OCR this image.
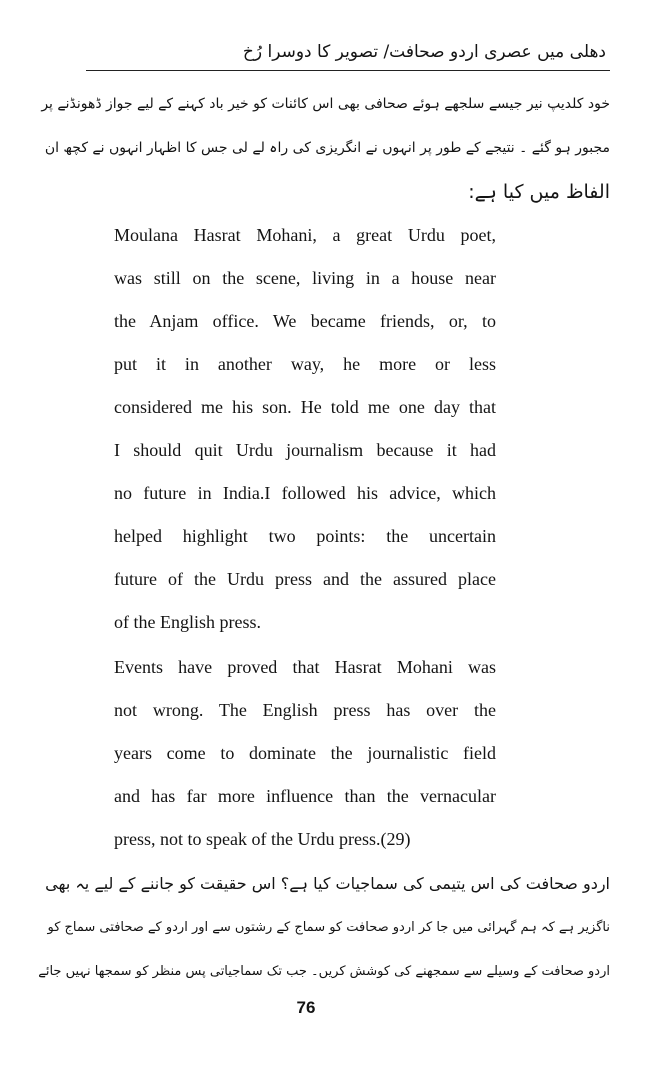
دھلی میں عصری اردو صحافت/ تصویر کا دوسرا رُخ
خود کلدیپ نیر جیسے سلجھے ہوئے صحافی بھی اس کائنات کو خیر باد کہنے کے لیے جواز ڈھونڈنے پر
مجبور ہو گئے ۔ نتیجے کے طور پر انہوں نے انگریزی کی راہ لے لی جس کا اظہار انہوں نے کچھ ان
الفاظ میں کیا ہے:
Moulana Hasrat Mohani, a great Urdu poet,
was still on the scene, living in a house near
the Anjam office. We became friends, or, to
put it in another way, he more or less
considered me his son. He told me one day that
I should quit Urdu journalism because it had
no future in India.I followed his advice, which
helped highlight two points: the uncertain
future of the Urdu press and the assured place
of the English press.
Events have proved that Hasrat Mohani was
not wrong. The English press has over the
years come to dominate the journalistic field
and has far more influence than the vernacular
press, not to speak of the Urdu press.(29)
اردو صحافت کی اس یتیمی کی سماجیات کیا ہے؟ اس حقیقت کو جاننے کے لیے یہ بھی
ناگزیر ہے کہ ہم گہرائی میں جا کر اردو صحافت کو سماج کے رشتوں سے اور اردو کے صحافتی سماج کو
اردو صحافت کے وسیلے سے سمجھنے کی کوشش کریں۔ جب تک سماجیاتی پس منظر کو سمجھا نہیں جائے
76
